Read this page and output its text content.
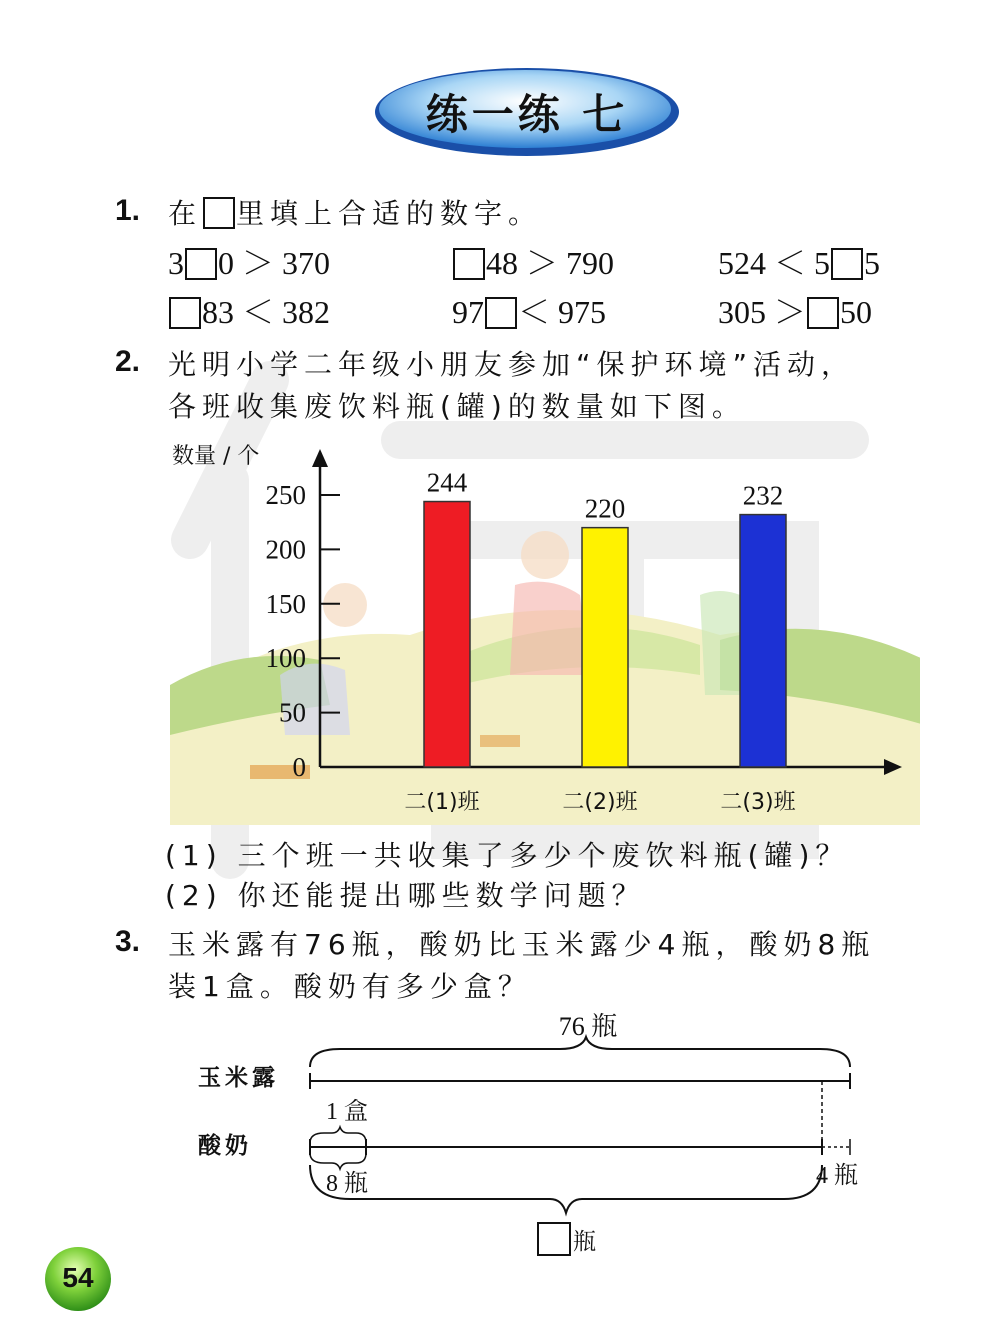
练一练 七
1. 在 里填上合适的数字。
3 0 ＞ 370	48 ＞ 790	524 ＜ 5 5
83 ＜ 382	97 ＜ 975	305 ＞ 50
2. 光明小学二年级小朋友参加“保护环境”活动，
各班收集废饮料瓶(罐)的数量如下图。
数量 / 个
0
50
100
150
200
250	244
220	232
二(1)班	二(2)班	二(3)班
(1) 三个班一共收集了多少个废饮料瓶(罐)？
(2) 你还能提出哪些数学问题？
3. 玉米露有76瓶，酸奶比玉米露少4瓶，酸奶8瓶
装1盒。酸奶有多少盒？
76 瓶
玉米露
1 盒
酸奶
8 瓶	4 瓶
瓶
54
